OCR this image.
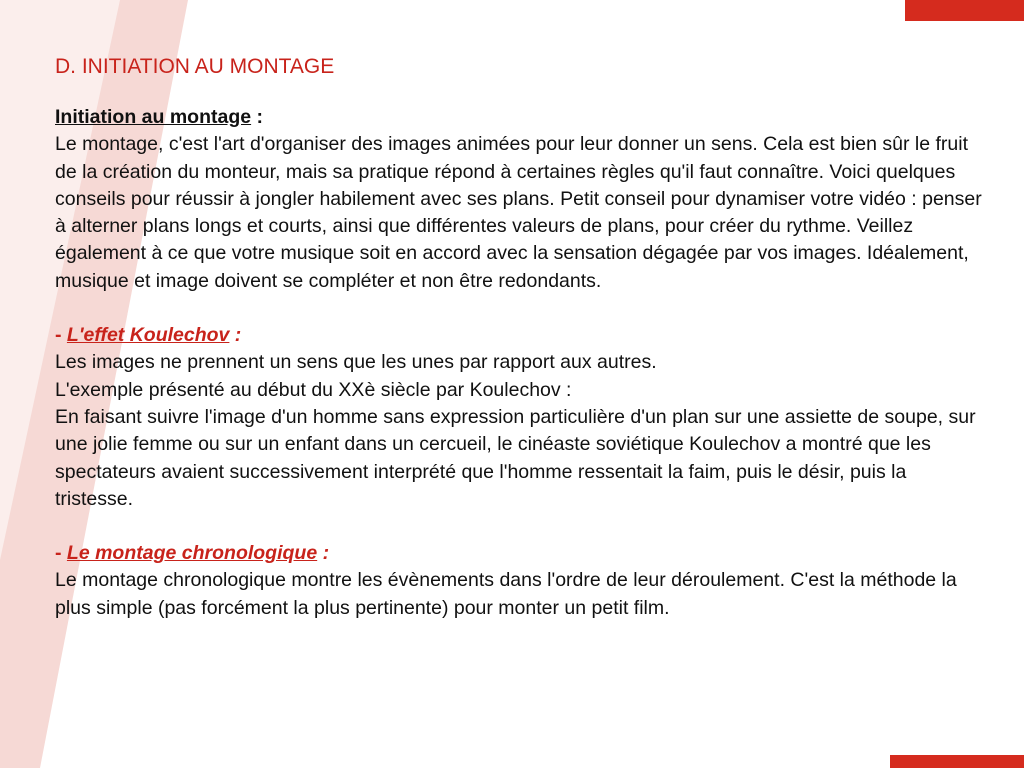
D. INITIATION AU MONTAGE

Initiation au montage :

Le montage, c'est l'art d'organiser des images animées pour leur donner un sens. Cela est bien sûr le fruit de la création du monteur, mais sa pratique répond à certaines règles qu'il faut connaître. Voici quelques conseils pour réussir à jongler habilement avec ses plans. Petit conseil pour dynamiser votre vidéo : penser à alterner plans longs et courts, ainsi que différentes valeurs de plans, pour créer du rythme. Veillez également à ce que votre musique soit en accord avec la sensation dégagée par vos images. Idéalement, musique et image doivent se compléter et non être redondants.

- L'effet Koulechov :

Les images ne prennent un sens que les unes par rapport aux autres.

L'exemple présenté au début du XXè siècle par Koulechov :

En faisant suivre l'image d'un homme sans expression particulière d'un plan sur une assiette de soupe, sur une jolie femme ou sur un enfant dans un cercueil, le cinéaste soviétique Koulechov a montré que les spectateurs avaient successivement interprété que l'homme ressentait la faim, puis le désir, puis la tristesse.

- Le montage chronologique :

Le montage chronologique montre les évènements dans l'ordre de leur déroulement. C'est la méthode la plus simple (pas forcément la plus pertinente) pour monter un petit film.
